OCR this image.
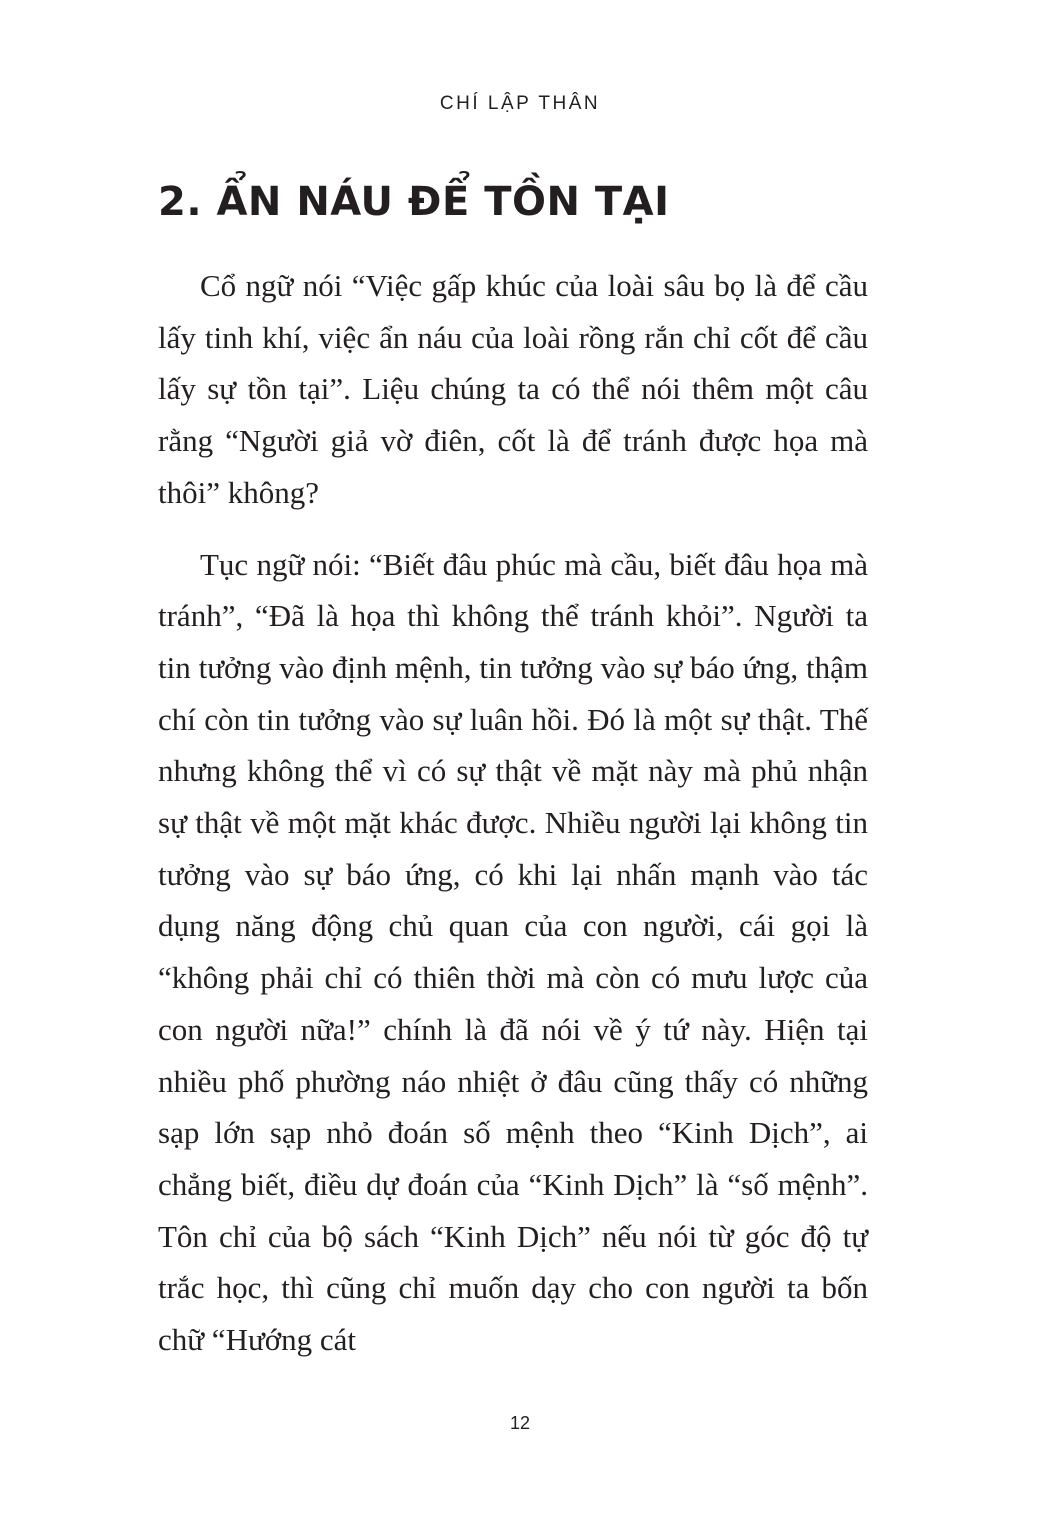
CHÍ LẬP THÂN
2. ẨN NÁU ĐỂ TỒN TẠI

Cổ ngữ nói “Việc gấp khúc của loài sâu bọ là để cầu lấy tinh khí, việc ẩn náu của loài rồng rắn chỉ cốt để cầu lấy sự tồn tại”. Liệu chúng ta có thể nói thêm một câu rằng “Người giả vờ điên, cốt là để tránh được họa mà thôi” không?

Tục ngữ nói: “Biết đâu phúc mà cầu, biết đâu họa mà tránh”, “Đã là họa thì không thể tránh khỏi”. Người ta tin tưởng vào định mệnh, tin tưởng vào sự báo ứng, thậm chí còn tin tưởng vào sự luân hồi. Đó là một sự thật. Thế nhưng không thể vì có sự thật về mặt này mà phủ nhận sự thật về một mặt khác được. Nhiều người lại không tin tưởng vào sự báo ứng, có khi lại nhấn mạnh vào tác dụng năng động chủ quan của con người, cái gọi là “không phải chỉ có thiên thời mà còn có mưu lược của con người nữa!” chính là đã nói về ý tứ này. Hiện tại nhiều phố phường náo nhiệt ở đâu cũng thấy có những sạp lớn sạp nhỏ đoán số mệnh theo “Kinh Dịch”, ai chẳng biết, điều dự đoán của “Kinh Dịch” là “số mệnh”. Tôn chỉ của bộ sách “Kinh Dịch” nếu nói từ góc độ tự trắc học, thì cũng chỉ muốn dạy cho con người ta bốn chữ “Hướng cát

12
